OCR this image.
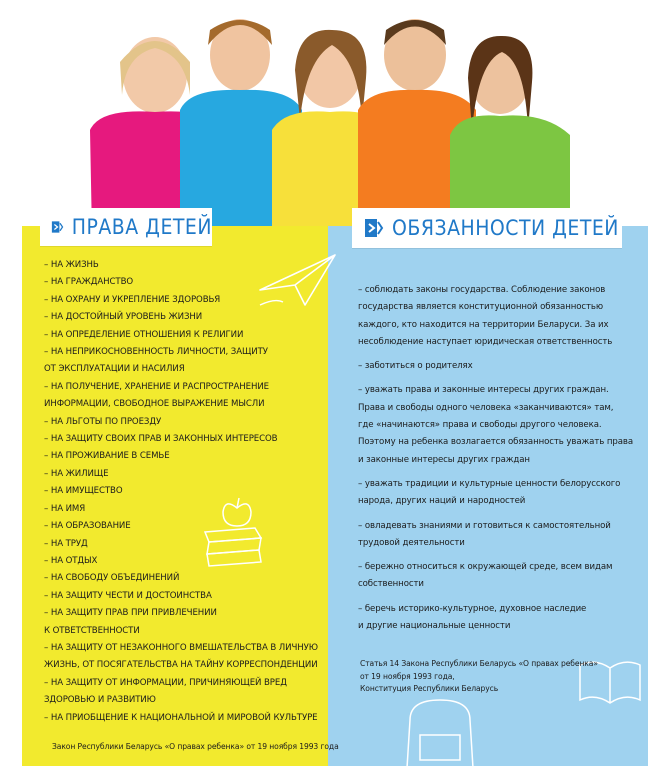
ПРАВА ДЕТЕЙ	ОБЯЗАННОСТИ ДЕТЕЙ
– НА ЖИЗНЬ
– НА ГРАЖДАНСТВО
– НА ОХРАНУ И УКРЕПЛЕНИЕ ЗДОРОВЬЯ
– НА ДОСТОЙНЫЙ УРОВЕНЬ ЖИЗНИ
– НА ОПРЕДЕЛЕНИЕ ОТНОШЕНИЯ К РЕЛИГИИ
– НА НЕПРИКОСНОВЕННОСТЬ ЛИЧНОСТИ, ЗАЩИТУ
ОТ ЭКСПЛУАТАЦИИ И НАСИЛИЯ
– НА ПОЛУЧЕНИЕ, ХРАНЕНИЕ И РАСПРОСТРАНЕНИЕ
ИНФОРМАЦИИ, СВОБОДНОЕ ВЫРАЖЕНИЕ МЫСЛИ
– НА ЛЬГОТЫ ПО ПРОЕЗДУ
– НА ЗАЩИТУ СВОИХ ПРАВ И ЗАКОННЫХ ИНТЕРЕСОВ
– НА ПРОЖИВАНИЕ В СЕМЬЕ
– НА ЖИЛИЩЕ
– НА ИМУЩЕСТВО
– НА ИМЯ
– НА ОБРАЗОВАНИЕ
– НА ТРУД
– НА ОТДЫХ
– НА СВОБОДУ ОБЪЕДИНЕНИЙ
– НА ЗАЩИТУ ЧЕСТИ И ДОСТОИНСТВА
– НА ЗАЩИТУ ПРАВ ПРИ ПРИВЛЕЧЕНИИ
К ОТВЕТСТВЕННОСТИ
– НА ЗАЩИТУ ОТ НЕЗАКОННОГО ВМЕШАТЕЛЬСТВА В ЛИЧНУЮ
ЖИЗНЬ, ОТ ПОСЯГАТЕЛЬСТВА НА ТАЙНУ КОРРЕСПОНДЕНЦИИ
– НА ЗАЩИТУ ОТ ИНФОРМАЦИИ, ПРИЧИНЯЮЩЕЙ ВРЕД
ЗДОРОВЬЮ И РАЗВИТИЮ
– НА ПРИОБЩЕНИЕ К НАЦИОНАЛЬНОЙ И МИРОВОЙ КУЛЬТУРЕ
Закон Республики Беларусь «О правах ребенка» от 19 ноября 1993 года
– соблюдать законы государства. Соблюдение законов
государства является конституционной обязанностью
каждого, кто находится на территории Беларуси. За их
несоблюдение наступает юридическая ответственность
– заботиться о родителях
– уважать права и законные интересы других граждан.
Права и свободы одного человека «заканчиваются» там,
где «начинаются» права и свободы другого человека.
Поэтому на ребенка возлагается обязанность уважать права
и законные интересы других граждан
– уважать традиции и культурные ценности белорусского
народа, других наций и народностей
– овладевать знаниями и готовиться к самостоятельной
трудовой деятельности
– бережно относиться к окружающей среде, всем видам
собственности
– беречь историко-культурное, духовное наследие
и другие национальные ценности
Статья 14 Закона Республики Беларусь «О правах ребенка»
от 19 ноября 1993 года,
Конституция Республики Беларусь
